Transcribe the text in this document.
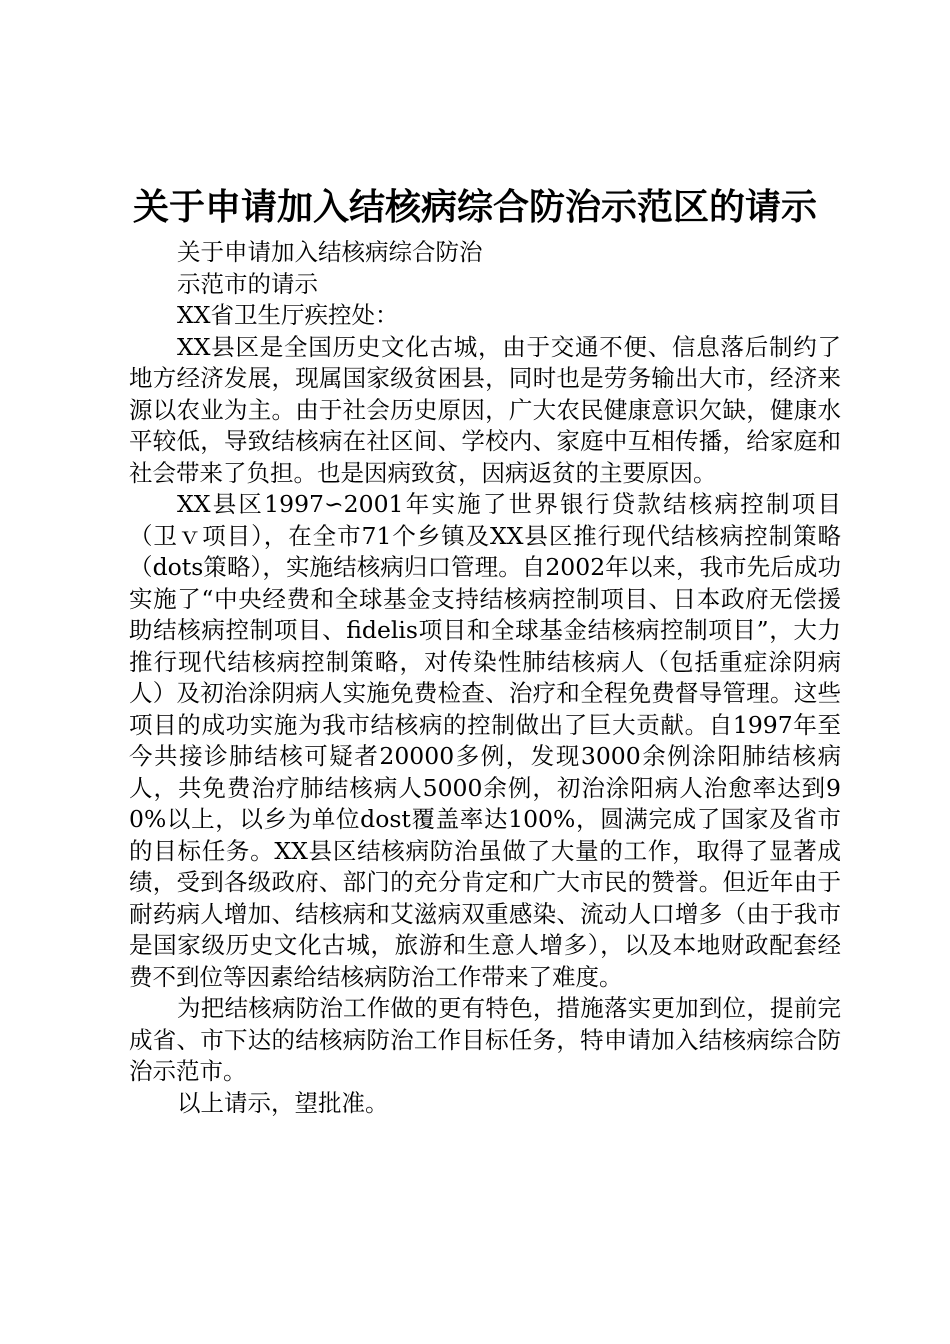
关于申请加入结核病综合防治示范区的请示

关于申请加入结核病综合防治

示范市的请示

XX省卫生厅疾控处：

XX县区是全国历史文化古城，由于交通不便、信息落后制约了地方经济发展，现属国家级贫困县，同时也是劳务输出大市，经济来源以农业为主。由于社会历史原因，广大农民健康意识欠缺，健康水平较低，导致结核病在社区间、学校内、家庭中互相传播，给家庭和社会带来了负担。也是因病致贫，因病返贫的主要原因。

XX县区1997∽2001年实施了世界银行贷款结核病控制项目（卫ｖ项目），在全市71个乡镇及XX县区推行现代结核病控制策略（dots策略），实施结核病归口管理。自2002年以来，我市先后成功实施了“中央经费和全球基金支持结核病控制项目、日本政府无偿援助结核病控制项目、fidelis项目和全球基金结核病控制项目”，大力推行现代结核病控制策略，对传染性肺结核病人（包括重症涂阴病人）及初治涂阴病人实施免费检查、治疗和全程免费督导管理。这些项目的成功实施为我市结核病的控制做出了巨大贡献。自1997年至今共接诊肺结核可疑者20000多例，发现3000余例涂阳肺结核病人，共免费治疗肺结核病人5000余例，初治涂阳病人治愈率达到90%以上，以乡为单位dost覆盖率达100%，圆满完成了国家及省市的目标任务。XX县区结核病防治虽做了大量的工作，取得了显著成绩，受到各级政府、部门的充分肯定和广大市民的赞誉。但近年由于耐药病人增加、结核病和艾滋病双重感染、流动人口增多（由于我市是国家级历史文化古城，旅游和生意人增多），以及本地财政配套经费不到位等因素给结核病防治工作带来了难度。

为把结核病防治工作做的更有特色，措施落实更加到位，提前完成省、市下达的结核病防治工作目标任务，特申请加入结核病综合防治示范市。

以上请示，望批准。
